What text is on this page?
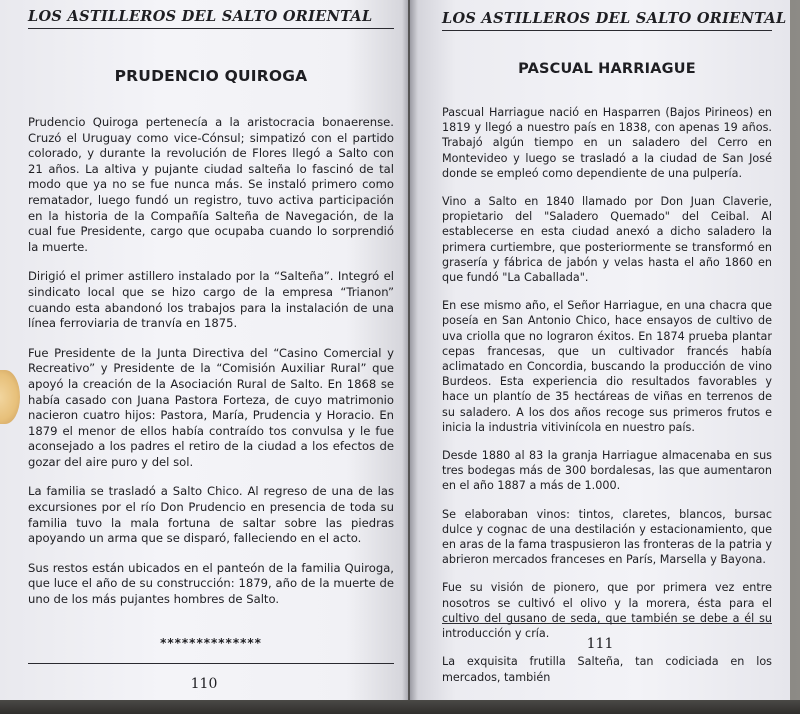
LOS ASTILLEROS DEL SALTO ORIENTAL
PRUDENCIO QUIROGA

Prudencio Quiroga pertenecía a la aristocracia bonaerense. Cruzó el Uruguay como vice-Cónsul; simpatizó con el partido colorado, y durante la revolución de Flores llegó a Salto con 21 años. La altiva y pujante ciudad salteña lo fascinó de tal modo que ya no se fue nunca más. Se instaló primero como rematador, luego fundó un registro, tuvo activa participación en la historia de la Compañía Salteña de Navegación, de la cual fue Presidente, cargo que ocupaba cuando lo sorprendió la muerte.

Dirigió el primer astillero instalado por la “Salteña”. Integró el sindicato local que se hizo cargo de la empresa “Trianon” cuando esta abandonó los trabajos para la instalación de una línea ferroviaria de tranvía en 1875.

Fue Presidente de la Junta Directiva del “Casino Comercial y Recreativo” y Presidente de la “Comisión Auxiliar Rural” que apoyó la creación de la Asociación Rural de Salto. En 1868 se había casado con Juana Pastora Forteza, de cuyo matrimonio nacieron cuatro hijos: Pastora, María, Prudencia y Horacio. En 1879 el menor de ellos había contraído tos convulsa y le fue aconsejado a los padres el retiro de la ciudad a los efectos de gozar del aire puro y del sol.

La familia se trasladó a Salto Chico. Al regreso de una de las excursiones por el río Don Prudencio en presencia de toda su familia tuvo la mala fortuna de saltar sobre las piedras apoyando un arma que se disparó, falleciendo en el acto.

Sus restos están ubicados en el panteón de la familia Quiroga, que luce el año de su construcción: 1879, año de la muerte de uno de los más pujantes hombres de Salto.

**************
110
LOS ASTILLEROS DEL SALTO ORIENTAL
PASCUAL HARRIAGUE

Pascual Harriague nació en Hasparren (Bajos Pirineos) en 1819 y llegó a nuestro país en 1838, con apenas 19 años. Trabajó algún tiempo en un saladero del Cerro en Montevideo y luego se trasladó a la ciudad de San José donde se empleó como dependiente de una pulpería.

Vino a Salto en 1840 llamado por Don Juan Claverie, propietario del "Saladero Quemado" del Ceibal. Al establecerse en esta ciudad anexó a dicho saladero la primera curtiembre, que posteriormente se transformó en grasería y fábrica de jabón y velas hasta el año 1860 en que fundó "La Caballada".

En ese mismo año, el Señor Harriague, en una chacra que poseía en San Antonio Chico, hace ensayos de cultivo de uva criolla que no lograron éxitos. En 1874 prueba plantar cepas francesas, que un cultivador francés había aclimatado en Concordia, buscando la producción de vino Burdeos. Esta experiencia dio resultados favorables y hace un plantío de 35 hectáreas de viñas en terrenos de su saladero. A los dos años recoge sus primeros frutos e inicia la industria vitivinícola en nuestro país.

Desde 1880 al 83 la granja Harriague almacenaba en sus tres bodegas más de 300 bordalesas, las que aumentaron en el año 1887 a más de 1.000.

Se elaboraban vinos: tintos, claretes, blancos, bursac dulce y cognac de una destilación y estacionamiento, que en aras de la fama traspusieron las fronteras de la patria y abrieron mercados franceses en París, Marsella y Bayona.

Fue su visión de pionero, que por primera vez entre nosotros se cultivó el olivo y la morera, ésta para el cultivo del gusano de seda, que también se debe a él su introducción y cría.

La exquisita frutilla Salteña, tan codiciada en los mercados, también

111
